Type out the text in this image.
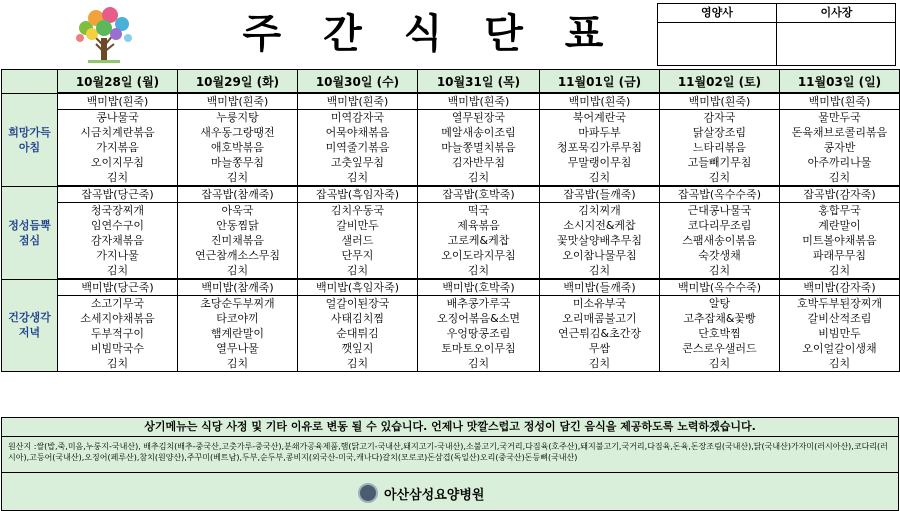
주 간 식 단 표	영양사	이사장
	10월28일 (월)	10월29일 (화)	10월30일 (수)	10월31일 (목)	11월01일 (금)	11월02일 (토)	11월03일 (일)
희망가득 아침	백미밥(흰죽)	백미밥(흰죽)	백미밥(흰죽)	백미밥(흰죽)	백미밥(흰죽)	백미밥(흰죽)	백미밥(흰죽)
	콩나물국	누룽지탕	미역감자국	열무된장국	북어계란국	감자국	물만두국
	시금치계란볶음	새우동그랑땡전	어묵야채볶음	메알새송이조림	마파두부	닭살장조림	돈육채브로콜리볶음
	가지볶음	애호박볶음	미역줄기볶음	마늘쫑멸치볶음	청포묵김가루무침	느타리볶음	콩자반
	오이지무침	마늘쫑무침	고춧잎무침	김자반무침	무말랭이무침	고들빼기무침	아주까리나물
	김치	김치	김치	김치	김치	김치	김치
정성듬뿍 점심	잡곡밥(당근죽)	잡곡밥(참깨죽)	잡곡밥(흑임자죽)	잡곡밥(호박죽)	잡곡밥(들깨죽)	잡곡밥(옥수수죽)	잡곡밥(감자죽)
	청국장찌개	아욱국	김치우동국	떡국	김치찌개	근대콩나물국	홍합무국
	임연수구이	안동찜닭	갈비만두	제육볶음	소시지전&케찹	코다리무조림	계란말이
	감자채볶음	진미채볶음	샐러드	고로케&케찹	꽃맛살양배추무침	스팸새송이볶음	미트볼야채볶음
	가지나물	연근참깨소스무침	단무지	오이도라지무침	오이참나물무침	숙갓생채	파래무무침
	김치	김치	김치	김치	김치	김치	김치
건강생각 저녁	백미밥(당근죽)	백미밥(참깨죽)	백미밥(흑임자죽)	백미밥(호박죽)	백미밥(들깨죽)	백미밥(옥수수죽)	백미밥(감자죽)
	소고기무국	초당순두부찌개	얼갈이된장국	배추콩가루국	미소유부국	알탕	호박두부된장찌개
	소세지야채볶음	타코야끼	사태김치찜	오징어볶음&소면	오리매콤불고기	고추잡채&꽃빵	갈비산적조림
	두부적구이	햄계란말이	순대튀김	우엉땅콩조림	연근튀김&초간장	단호박찜	비빔만두
	비빔막국수	열무나물	깻잎지	토마토오이무침	무쌈	콘스로우샐러드	오이얼갈이생채
	김치	김치	김치	김치	김치	김치	김치
상기메뉴는 식당 사정 및 기타 이유로 변동 될 수 있습니다. 언제나 맛깔스럽고 정성이 담긴 음식을 제공하도록 노력하겠습니다.
원산지 :쌀(밥,죽,미음,누룽지-국내산), 배추김치(배추-중국산,고춧가루-중국산),분쇄가공육제품,햄(닭고기-국내산,돼지고기-국내산),소불고기,국거리,다짐육(호주산),돼지불고기,국거리,다짐육,돈육,돈장조림(국내산),닭(국내산)가자미(러시아산),코다리(러시아),고등어(국내산),오징어(페루산),참치(원양산),주꾸미(베트남),두부,순두부,콩비지(외국산-미국,캐나다)갈치(모로코)돈삼겹(독일산)오리(중국산)돈등뼈(국내산)
아산삼성요양병원
